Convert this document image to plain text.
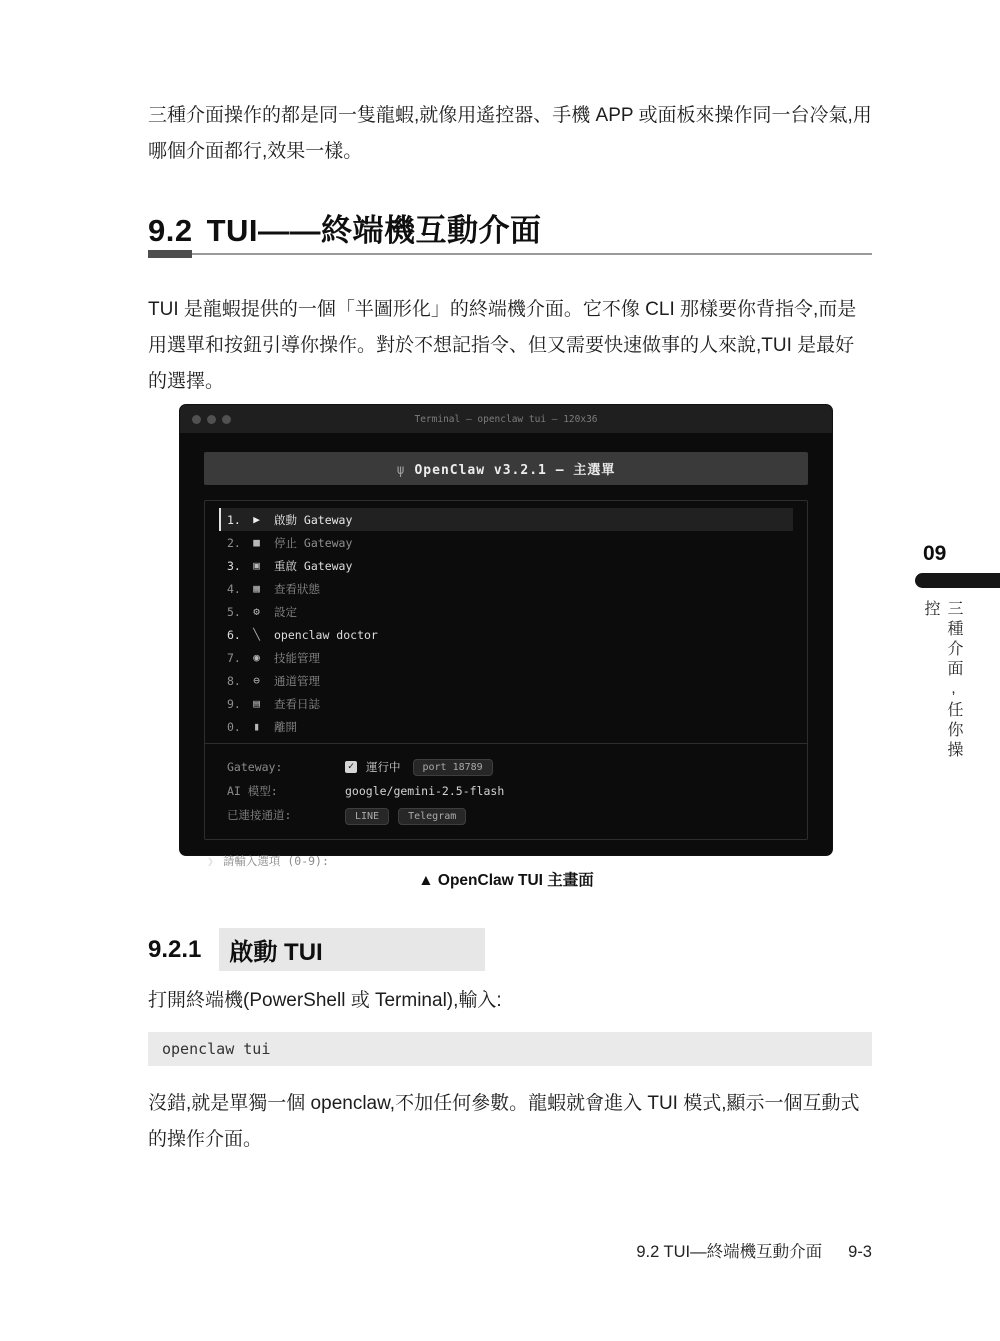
三種介面操作的都是同一隻龍蝦,就像用遙控器、手機 APP 或面板來操作同一台冷氣,用哪個介面都行,效果一樣。

9.2 TUI——終端機互動介面

TUI 是龍蝦提供的一個「半圖形化」的終端機介面。它不像 CLI 那樣要你背指令,而是用選單和按鈕引導你操作。對於不想記指令、但又需要快速做事的人來說,TUI 是最好的選擇。

Terminal — openclaw tui — 120x36
ψ OpenClaw v3.2.1 — 主選單
1.	▶	啟動 Gateway
2.	■	停止 Gateway
3.	▣	重啟 Gateway
4.	▦	查看狀態
5.	⚙	設定
6.	╲	openclaw doctor
7.	◉	技能管理
8.	⊖	通道管理
9.	▤	查看日誌
0.	▮	離開
Gateway:	✓ 運行中	port 18789
AI 模型:	google/gemini-2.5-flash
已連接通道:	LINE	Telegram
❯ 請輸入選項 (0-9):
▲ OpenClaw TUI 主畫面
9.2.1	啟動 TUI

打開終端機(PowerShell 或 Terminal),輸入:

openclaw tui

沒錯,就是單獨一個 openclaw,不加任何參數。龍蝦就會進入 TUI 模式,顯示一個互動式的操作介面。

09
三種介面,任你操控
9.2 TUI—終端機互動介面 9-3
